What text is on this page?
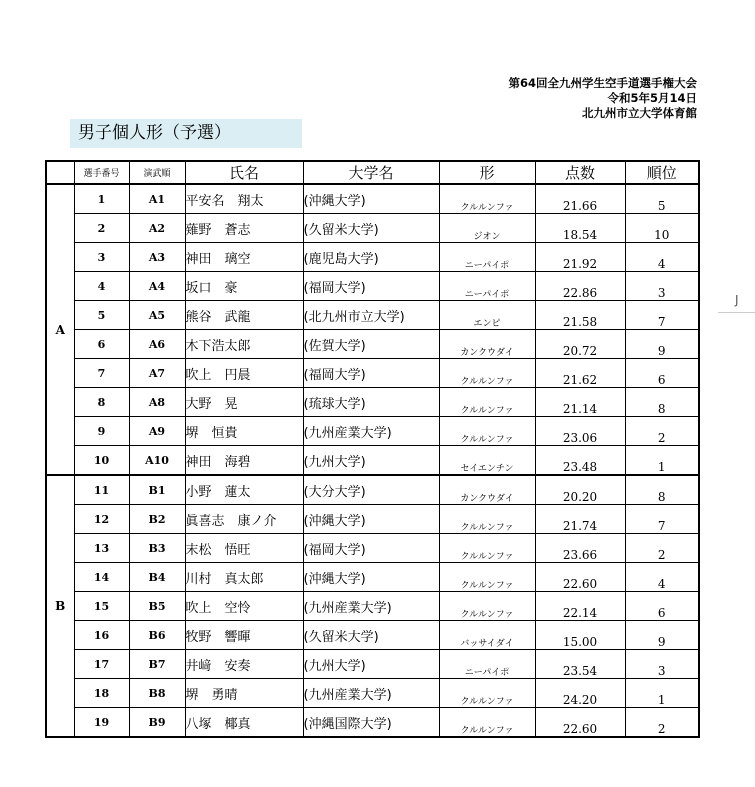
第64回全九州学生空手道選手権大会
令和5年5月14日
北九州市立大学体育館
男子個人形（予選）
J
	選手番号	演武順	氏名	大学名	形	点数	順位
A	1	A1	平安名　翔太	(沖縄大学)	クルルンファ	21.66	5
	2	A2	薙野　蒼志	(久留米大学)	ジオン	18.54	10
	3	A3	神田　璃空	(鹿児島大学)	ニーパイポ	21.92	4
	4	A4	坂口　豪	(福岡大学)	ニーパイポ	22.86	3
	5	A5	熊谷　武龍	(北九州市立大学)	エンピ	21.58	7
	6	A6	木下浩太郎	(佐賀大学)	カンクウダイ	20.72	9
	7	A7	吹上　円晨	(福岡大学)	クルルンファ	21.62	6
	8	A8	大野　晃	(琉球大学)	クルルンファ	21.14	8
	9	A9	堺　恒貴	(九州産業大学)	クルルンファ	23.06	2
	10	A10	神田　海碧	(九州大学)	セイエンチン	23.48	1
B	11	B1	小野　蓮太	(大分大学)	カンクウダイ	20.20	8
	12	B2	眞喜志　康ノ介	(沖縄大学)	クルルンファ	21.74	7
	13	B3	末松　悟旺	(福岡大学)	クルルンファ	23.66	2
	14	B4	川村　真太郎	(沖縄大学)	クルルンファ	22.60	4
	15	B5	吹上　空怜	(九州産業大学)	クルルンファ	22.14	6
	16	B6	牧野　響暉	(久留米大学)	バッサイダイ	15.00	9
	17	B7	井﨑　安奏	(九州大学)	ニーパイポ	23.54	3
	18	B8	堺　勇晴	(九州産業大学)	クルルンファ	24.20	1
	19	B9	八塚　椰真	(沖縄国際大学)	クルルンファ	22.60	2
